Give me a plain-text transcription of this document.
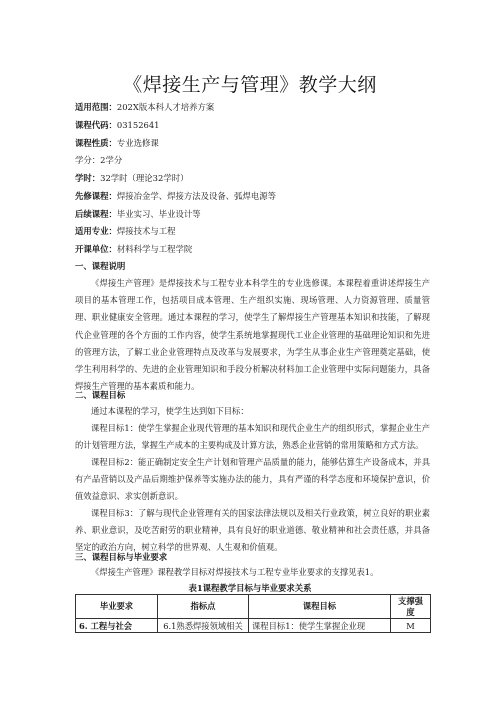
《焊接生产与管理》教学大纲
适用范围：202X版本科人才培养方案
课程代码：03152641
课程性质：专业选修课
学分：2学分
学时：32学时（理论32学时）
先修课程：焊接冶金学、焊接方法及设备、弧焊电源等
后续课程：毕业实习、毕业设计等
适用专业：焊接技术与工程
开课单位：材料科学与工程学院
一、课程说明
《焊接生产管理》是焊接技术与工程专业本科学生的专业选修课。本课程着重讲述焊接生产项目的基本管理工作，包括项目成本管理、生产组织实施、现场管理、人力资源管理、质量管理、职业健康安全管理。通过本课程的学习，使学生了解焊接生产管理基本知识和技能，了解现代企业管理的各个方面的工作内容，使学生系统地掌握现代工业企业管理的基础理论知识和先进的管理方法，了解工业企业管理特点及改革与发展要求，为学生从事企业生产管理奠定基础，使学生利用科学的、先进的企业管理知识和手段分析解决材料加工企业管理中实际问题能力，具备焊接生产管理的基本素质和能力。
二、课程目标
通过本课程的学习，使学生达到如下目标：
课程目标1：使学生掌握企业现代管理的基本知识和现代企业生产的组织形式，掌握企业生产的计划管理方法，掌握生产成本的主要构成及计算方法，熟悉企业营销的常用策略和方式方法。
课程目标2：能正确制定安全生产计划和管理产品质量的能力，能够估算生产设备成本，并具有产品营销以及产品后期维护保养等实施办法的能力，具有严谨的科学态度和环境保护意识，价值效益意识、求实创新意识。
课程目标3：了解与现代企业管理有关的国家法律法规以及相关行业政策，树立良好的职业素养、职业意识，及吃苦耐劳的职业精神，具有良好的职业道德、敬业精神和社会责任感，并具备坚定的政治方向，树立科学的世界观、人生观和价值观。
三、课程目标与毕业要求
《焊接生产管理》课程教学目标对焊接技术与工程专业毕业要求的支撑见表1。
表1课程教学目标与毕业要求关系
毕业要求	指标点	课程目标	支撑强度
6. 工程与社会	6.1熟悉焊接领域相关	课程目标1：使学生掌握企业现	M
